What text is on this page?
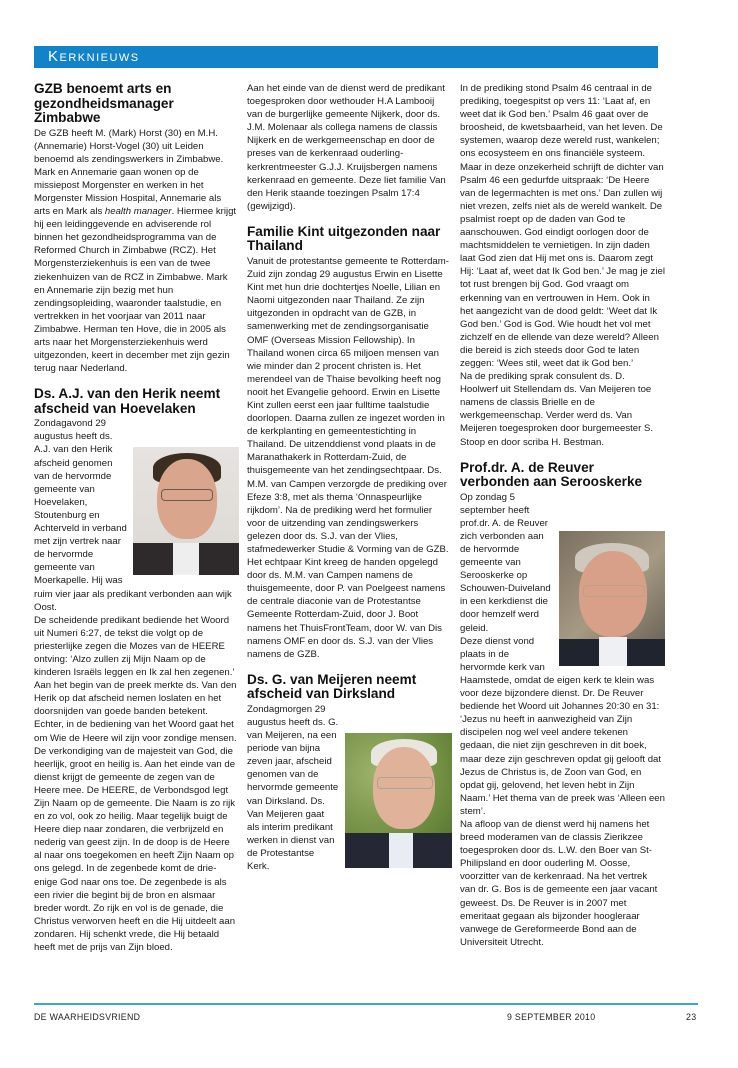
Kerknieuws
GZB benoemt arts en gezondheidsmanager Zimbabwe

De GZB heeft M. (Mark) Horst (30) en M.H. (Annemarie) Horst-Vogel (30) uit Leiden benoemd als zendingswerkers in Zimbabwe. Mark en Annemarie gaan wonen op de missiepost Morgenster en werken in het Morgenster Mission Hospital, Annemarie als arts en Mark als health manager. Hiermee krijgt hij een leidinggevende en adviserende rol binnen het gezondheidsprogramma van de Reformed Church in Zimbabwe (RCZ). Het Morgensterziekenhuis is een van de twee ziekenhuizen van de RCZ in Zimbabwe. Mark en Annemarie zijn bezig met hun zendingsopleiding, waaronder taalstudie, en vertrekken in het voorjaar van 2011 naar Zimbabwe. Herman ten Hove, die in 2005 als arts naar het Morgensterziekenhuis werd uitgezonden, keert in december met zijn gezin terug naar Nederland.

Ds. A.J. van den Herik neemt afscheid van Hoevelaken

Zondagavond 29 augustus heeft ds. A.J. van den Herik afscheid genomen van de hervormde gemeente van Hoevelaken, Stoutenburg en Achterveld in verband met zijn vertrek naar de hervormde gemeente van Moerkapelle. Hij was ruim vier jaar als predikant verbonden aan wijk Oost.

De scheidende predikant bediende het Woord uit Numeri 6:27, de tekst die volgt op de priesterlijke zegen die Mozes van de HEERE ontving: ‘Alzo zullen zij Mijn Naam op de kinderen Israëls leggen en Ik zal hen zegenen.’ Aan het begin van de preek merkte ds. Van den Herik op dat afscheid nemen loslaten en het doorsnijden van goede banden betekent. Echter, in de bediening van het Woord gaat het om Wie de Heere wil zijn voor zondige mensen. De verkondiging van de majesteit van God, die heerlijk, groot en heilig is. Aan het einde van de dienst krijgt de gemeente de zegen van de Heere mee. De HEERE, de Verbondsgod legt Zijn Naam op de gemeente. Die Naam is zo rijk en zo vol, ook zo heilig. Maar tegelijk buigt de Heere diep naar zondaren, die verbrijzeld en nederig van geest zijn. In de doop is de Heere al naar ons toegekomen en heeft Zijn Naam op ons gelegd. In de zegenbede komt de drie-enige God naar ons toe. De zegenbede is als een rivier die begint bij de bron en alsmaar breder wordt. Zo rijk en vol is de genade, die Christus verworven heeft en die Hij uitdeelt aan zondaren. Hij schenkt vrede, die Hij betaald heeft met de prijs van Zijn bloed.

Aan het einde van de dienst werd de predikant toegesproken door wethouder H.A Lambooij van de burgerlijke gemeente Nijkerk, door ds. J.M. Molenaar als collega namens de classis Nijkerk en de werkgemeenschap en door de preses van de kerkenraad ouderling-kerkrentmeester G.J.J. Kruijsbergen namens kerkenraad en gemeente. Deze liet familie Van den Herik staande toezingen Psalm 17:4 (gewijzigd).

Familie Kint uitgezonden naar Thailand

Vanuit de protestantse gemeente te Rotterdam-Zuid zijn zondag 29 augustus Erwin en Lisette Kint met hun drie dochtertjes Noelle, Lilian en Naomi uitgezonden naar Thailand. Ze zijn uitgezonden in opdracht van de GZB, in samenwerking met de zendingsorganisatie OMF (Overseas Mission Fellowship). In Thailand wonen circa 65 miljoen mensen van wie minder dan 2 procent christen is. Het merendeel van de Thaise bevolking heeft nog nooit het Evangelie gehoord. Erwin en Lisette Kint zullen eerst een jaar fulltime taalstudie doorlopen. Daarna zullen ze ingezet worden in de kerkplanting en gemeentestichting in Thailand. De uitzenddienst vond plaats in de Maranathakerk in Rotterdam-Zuid, de thuisgemeente van het zendingsechtpaar. Ds. M.M. van Campen verzorgde de prediking over Efeze 3:8, met als thema ‘Onnaspeurlijke rijkdom’. Na de prediking werd het formulier voor de uitzending van zendingswerkers gelezen door ds. S.J. van der Vlies, stafmedewerker Studie & Vorming van de GZB. Het echtpaar Kint kreeg de handen opgelegd door ds. M.M. van Campen namens de thuisgemeente, door P. van Poelgeest namens de centrale diaconie van de Protestantse Gemeente Rotterdam-Zuid, door J. Boot namens het ThuisFrontTeam, door W. van Dis namens OMF en door ds. S.J. van der Vlies namens de GZB.

Ds. G. van Meijeren neemt afscheid van Dirksland

Zondagmorgen 29 augustus heeft ds. G. van Meijeren, na een periode van bijna zeven jaar, afscheid genomen van de hervormde gemeente van Dirksland. Ds. Van Meijeren gaat als interim predikant werken in dienst van de Protestantse Kerk.

In de prediking stond Psalm 46 centraal in de prediking, toegespitst op vers 11: ‘Laat af, en weet dat ik God ben.’ Psalm 46 gaat over de broosheid, de kwetsbaarheid, van het leven. De systemen, waarop deze wereld rust, wankelen; ons ecosysteem en ons financiële systeem. Maar in deze onzekerheid schrijft de dichter van Psalm 46 een gedurfde uitspraak: ‘De Heere van de legermachten is met ons.’ Dan zullen wij niet vrezen, zelfs niet als de wereld wankelt. De psalmist roept op de daden van God te aanschouwen. God eindigt oorlogen door de machtsmiddelen te vernietigen. In zijn daden laat God zien dat Hij met ons is. Daarom zegt Hij: ‘Laat af, weet dat Ik God ben.’ Je mag je ziel tot rust brengen bij God. God vraagt om erkenning van en vertrouwen in Hem. Ook in het aangezicht van de dood geldt: ‘Weet dat Ik God ben.’ God is God. Wie houdt het vol met zichzelf en de ellende van deze wereld? Alleen die bereid is zich steeds door God te laten zeggen: ‘Wees stil, weet dat ik God ben.’

Na de prediking sprak consulent ds. D. Hoolwerf uit Stellendam ds. Van Meijeren toe namens de classis Brielle en de werkgemeenschap. Verder werd ds. Van Meijeren toegesproken door burgemeester S. Stoop en door scriba H. Bestman.

Prof.dr. A. de Reuver verbonden aan Serooskerke

Op zondag 5 september heeft prof.dr. A. de Reuver zich verbonden aan de hervormde gemeente van Serooskerke op Schouwen-Duiveland in een kerkdienst die door hemzelf werd geleid.

Deze dienst vond plaats in de hervormde kerk van Haamstede, omdat de eigen kerk te klein was voor deze bijzondere dienst. Dr. De Reuver bediende het Woord uit Johannes 20:30 en 31: ‘Jezus nu heeft in aanwezigheid van Zijn discipelen nog wel veel andere tekenen gedaan, die niet zijn geschreven in dit boek, maar deze zijn geschreven opdat gij gelooft dat Jezus de Christus is, de Zoon van God, en opdat gij, gelovend, het leven hebt in Zijn Naam.’ Het thema van de preek was ‘Alleen een stem’.

Na afloop van de dienst werd hij namens het breed moderamen van de classis Zierikzee toegesproken door ds. L.W. den Boer van St-Philipsland en door ouderling M. Oosse, voorzitter van de kerkenraad. Na het vertrek van dr. G. Bos is de gemeente een jaar vacant geweest. Ds. De Reuver is in 2007 met emeritaat gegaan als bijzonder hoogleraar vanwege de Gereformeerde Bond aan de Universiteit Utrecht.

DE WAARHEIDSVRIEND	9 SEPTEMBER 2010	23
